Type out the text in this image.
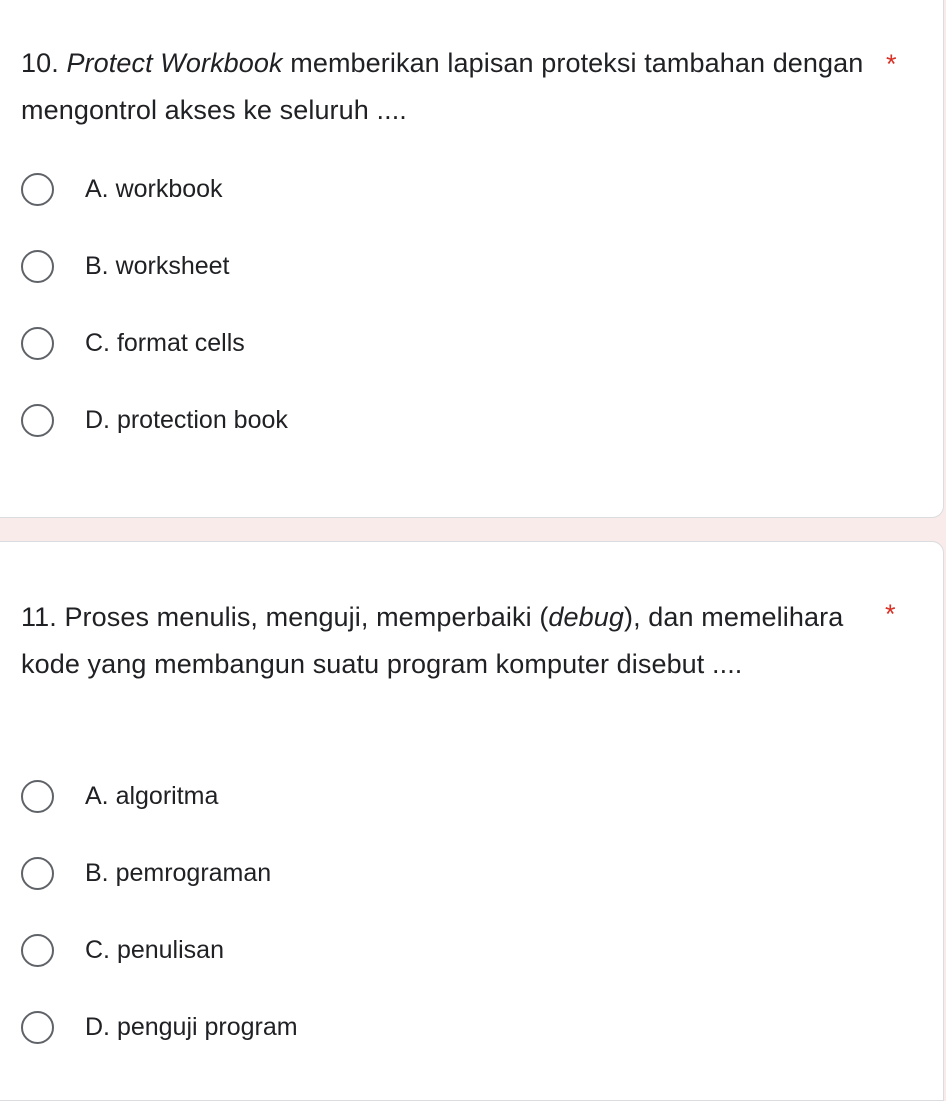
10. Protect Workbook memberikan lapisan proteksi tambahan dengan mengontrol akses ke seluruh ....
*
A. workbook
B. worksheet
C. format cells
D. protection book
11. Proses menulis, menguji, memperbaiki (debug), dan memelihara kode yang membangun suatu program komputer disebut ....
*
A. algoritma
B. pemrograman
C. penulisan
D. penguji program
